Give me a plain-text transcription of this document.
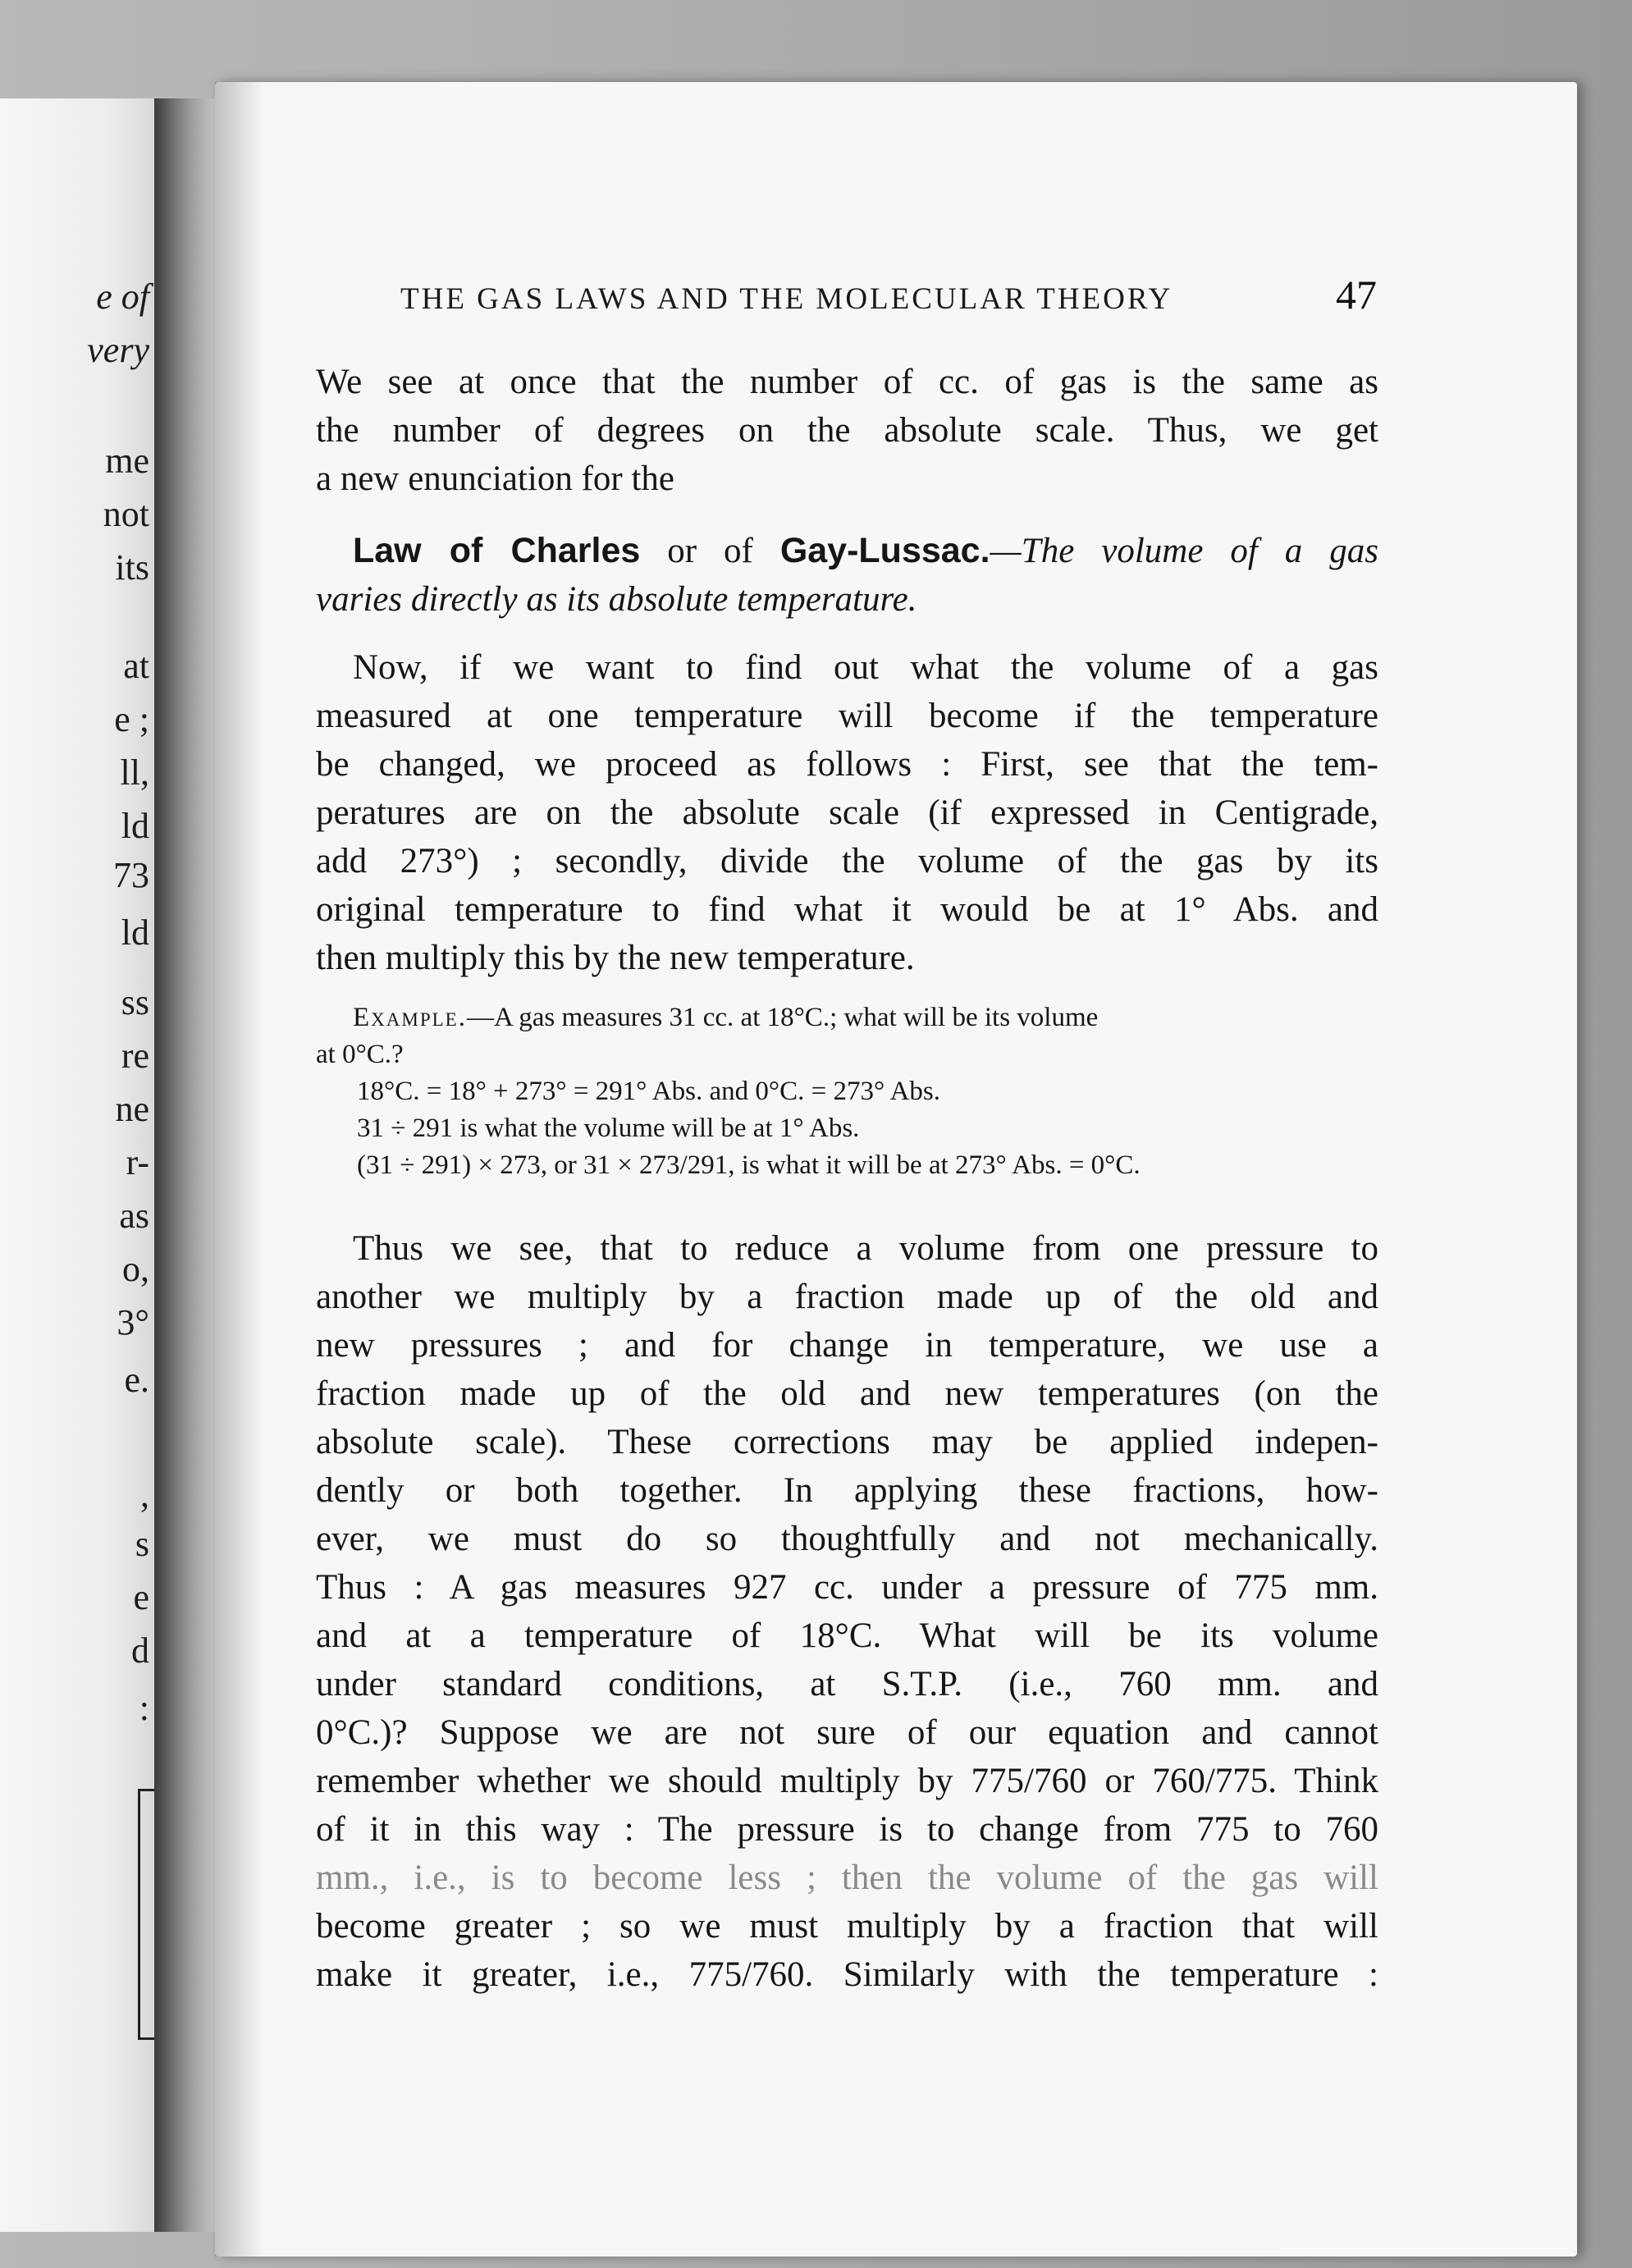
e of
very
me
not
its
at
e ;
ll,
ld
73
ld
ss
re
ne
r-
as
o,
3°
e.
,
s
e
d
:
THE GAS LAWS AND THE MOLECULAR THEORY	47
We see at once that the number of cc. of gas is the same as
the number of degrees on the absolute scale. Thus, we get
a new enunciation for the
Law of Charles or of Gay-Lussac.—The volume of a gas
varies directly as its absolute temperature.
Now, if we want to find out what the volume of a gas
measured at one temperature will become if the temperature
be changed, we proceed as follows : First, see that the tem-
peratures are on the absolute scale (if expressed in Centigrade,
add 273°) ; secondly, divide the volume of the gas by its
original temperature to find what it would be at 1° Abs. and
then multiply this by the new temperature.
Example.—A gas measures 31 cc. at 18°C.; what will be its volume
at 0°C.?
18°C. = 18° + 273° = 291° Abs. and 0°C. = 273° Abs.
31 ÷ 291 is what the volume will be at 1° Abs.
(31 ÷ 291) × 273, or 31 × 273/291, is what it will be at 273° Abs. = 0°C.
Thus we see, that to reduce a volume from one pressure to
another we multiply by a fraction made up of the old and
new pressures ; and for change in temperature, we use a
fraction made up of the old and new temperatures (on the
absolute scale). These corrections may be applied indepen-
dently or both together. In applying these fractions, how-
ever, we must do so thoughtfully and not mechanically.
Thus : A gas measures 927 cc. under a pressure of 775 mm.
and at a temperature of 18°C. What will be its volume
under standard conditions, at S.T.P. (i.e., 760 mm. and
0°C.)? Suppose we are not sure of our equation and cannot
remember whether we should multiply by 775/760 or 760/775. Think
of it in this way : The pressure is to change from 775 to 760
mm., i.e., is to become less ; then the volume of the gas will
become greater ; so we must multiply by a fraction that will
make it greater, i.e., 775/760. Similarly with the temperature :
